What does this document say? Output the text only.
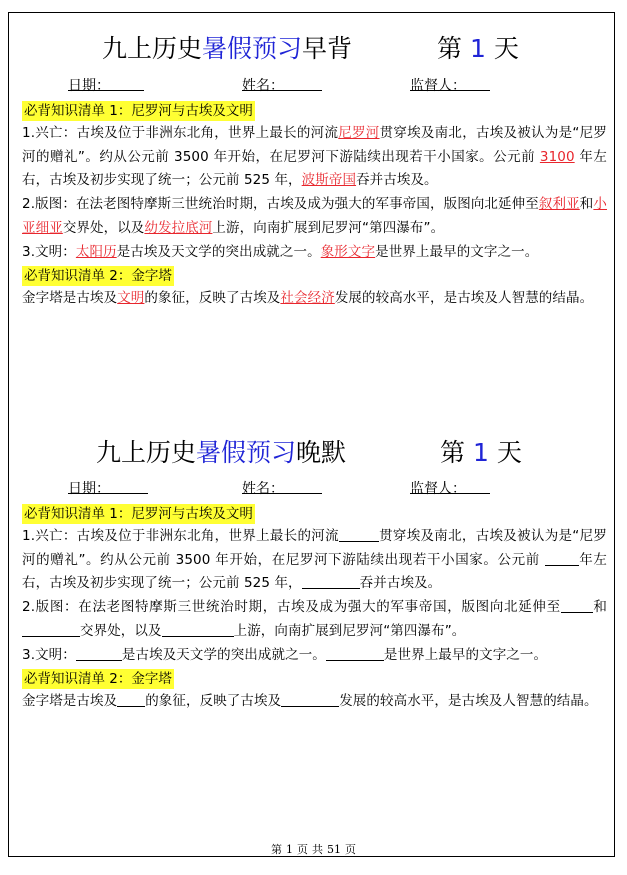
九上历史暑假预习早背	第 1 天
日期：	姓名：	监督人：
必背知识清单 1：尼罗河与古埃及文明
1.兴亡：古埃及位于非洲东北角，世界上最长的河流尼罗河贯穿埃及南北，古埃及被认为是“尼罗河的赠礼”。约从公元前 3500 年开始，在尼罗河下游陆续出现若干小国家。公元前 3100 年左右，古埃及初步实现了统一；公元前 525 年，波斯帝国吞并古埃及。
2.版图：在法老图特摩斯三世统治时期，古埃及成为强大的军事帝国，版图向北延伸至叙利亚和小亚细亚交界处，以及幼发拉底河上游，向南扩展到尼罗河“第四瀑布”。
3.文明：太阳历是古埃及天文学的突出成就之一。象形文字是世界上最早的文字之一。
必背知识清单 2：金字塔
金字塔是古埃及文明的象征，反映了古埃及社会经济发展的较高水平，是古埃及人智慧的结晶。
九上历史暑假预习晚默	第 1 天
日期：	姓名：	监督人：
必背知识清单 1：尼罗河与古埃及文明
1.兴亡：古埃及位于非洲东北角，世界上最长的河流	贯穿埃及南北，古埃及被认为是“尼罗河的赠礼”。约从公元前 3500 年开始，在尼罗河下游陆续出现若干小国家。公元前	年左右，古埃及初步实现了统一；公元前 525 年，	吞并古埃及。
2.版图：在法老图特摩斯三世统治时期，古埃及成为强大的军事帝国，版图向北延伸至 和交界处，以及	上游，向南扩展到尼罗河“第四瀑布”。
3.文明：	是古埃及天文学的突出成就之一。	是世界上最早的文字之一。
必背知识清单 2：金字塔
金字塔是古埃及 的象征，反映了古埃及	发展的较高水平，是古埃及人智慧的结晶。
第 1 页 共 51 页
